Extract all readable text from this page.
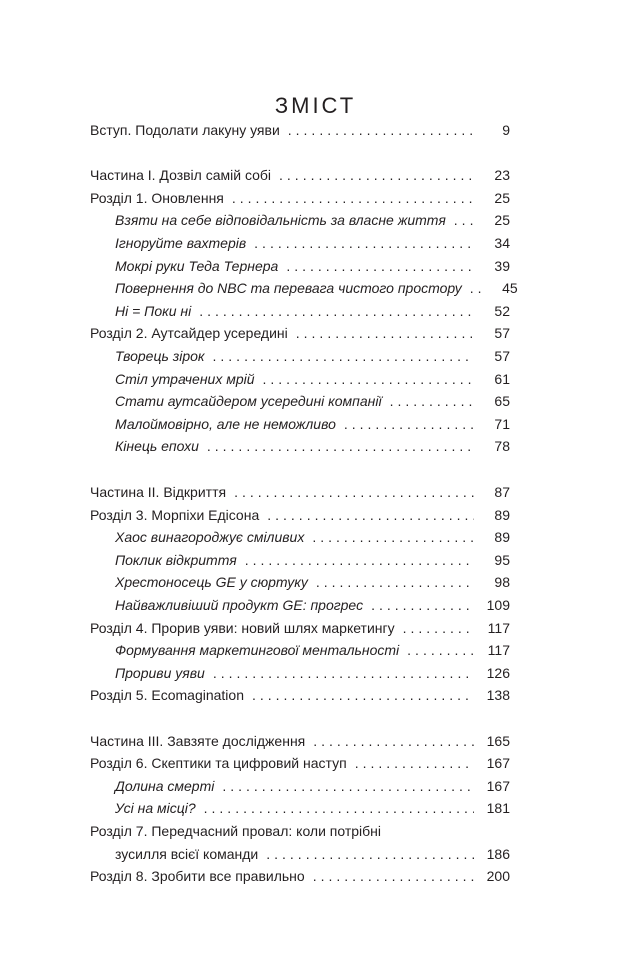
ЗМІСТ
Вступ. Подолати лакуну уяви .....	9
Частина І. Дозвіл самій собі .....	23
Розділ 1. Оновлення .....	25
Взяти на себе відповідальність за власне життя .....	25
Ігноруйте вахтерів .....	34
Мокрі руки Теда Тернера .....	39
Повернення до NBC та перевага чистого простору .....	45
Ні = Поки ні .....	52
Розділ 2. Аутсайдер усередині .....	57
Творець зірок .....	57
Стіл утрачених мрій .....	61
Стати аутсайдером усередині компанії .....	65
Малоймовірно, але не неможливо .....	71
Кінець епохи .....	78
Частина ІІ. Відкриття .....	87
Розділ 3. Морпіхи Едісона .....	89
Хаос винагороджує сміливих .....	89
Поклик відкриття .....	95
Хрестоносець GE у сюртуку .....	98
Найважливіший продукт GE: прогрес .....	109
Розділ 4. Прорив уяви: новий шлях маркетингу .....	117
Формування маркетингової ментальності .....	117
Прориви уяви .....	126
Розділ 5. Ecomagination .....	138
Частина ІІІ. Завзяте дослідження .....	165
Розділ 6. Скептики та цифровий наступ .....	167
Долина смерті .....	167
Усі на місці? .....	181
Розділ 7. Передчасний провал: коли потрібні
зусилля всієї команди .....	186
Розділ 8. Зробити все правильно .....	200
